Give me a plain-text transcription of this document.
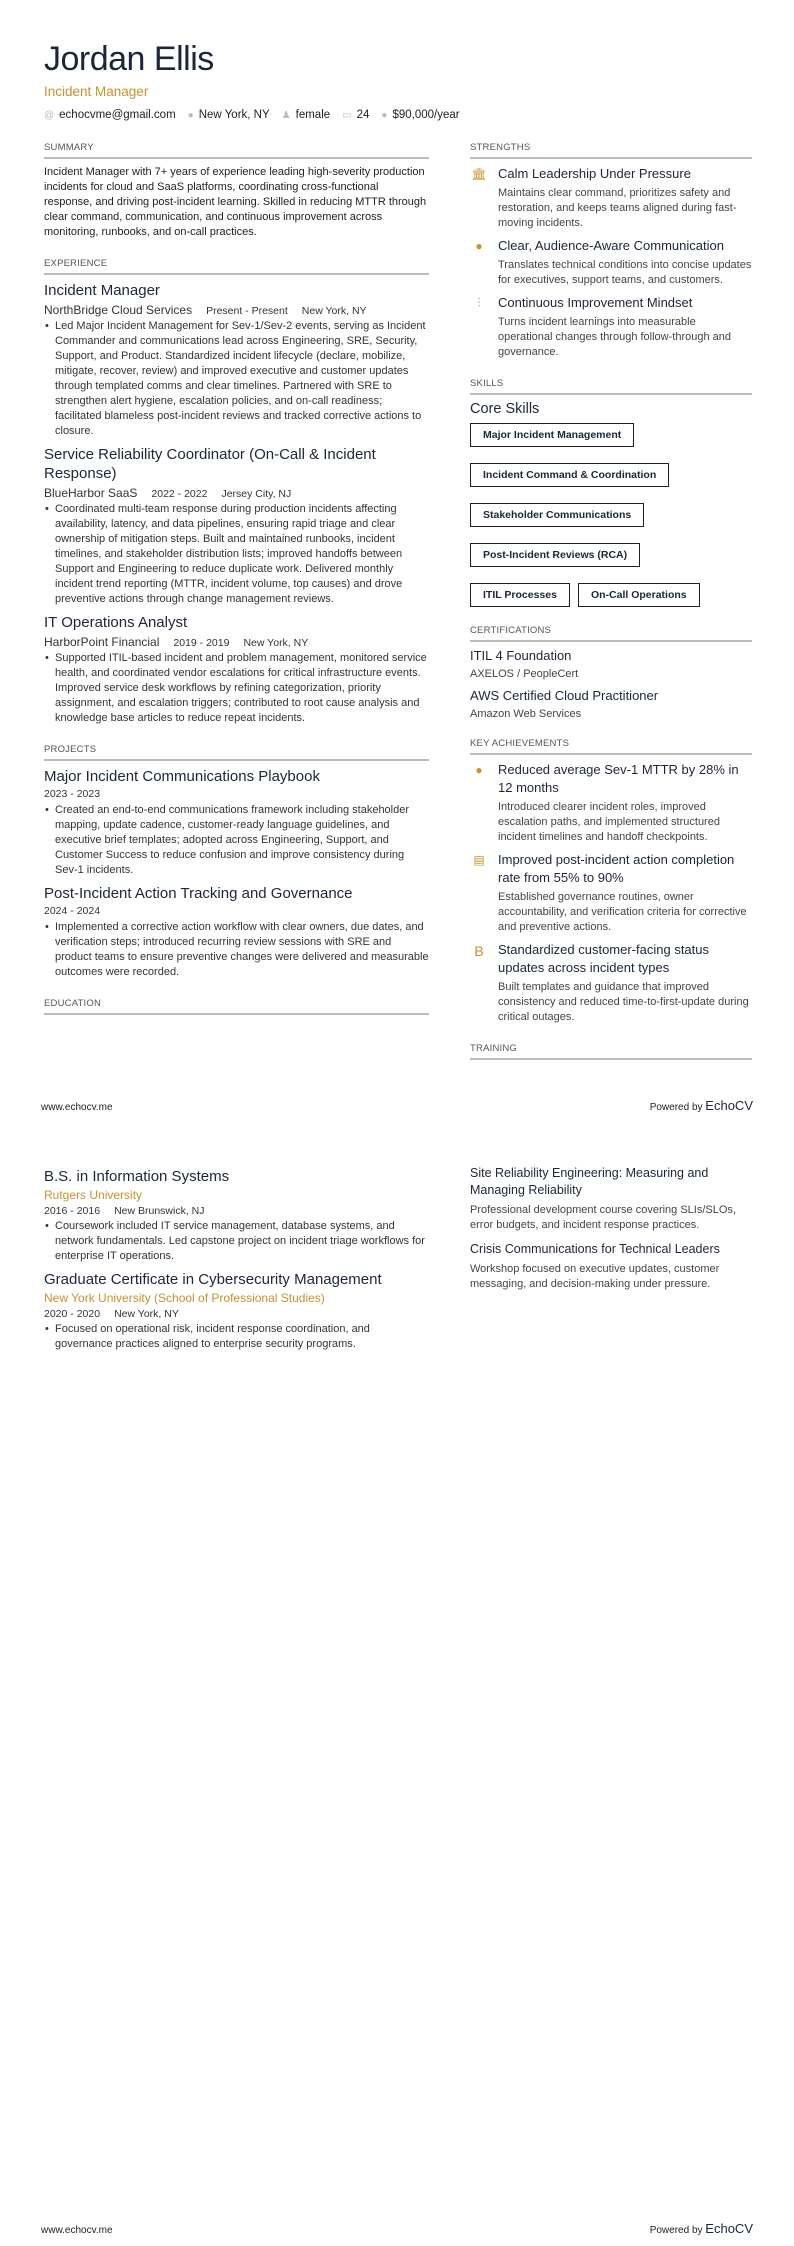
Jordan Ellis
Incident Manager
@ echocvme@gmail.com ● New York, NY ♟ female ▭ 24 ● $90,000/year
SUMMARY
Incident Manager with 7+ years of experience leading high-severity production incidents for cloud and SaaS platforms, coordinating cross-functional response, and driving post-incident learning. Skilled in reducing MTTR through clear command, communication, and continuous improvement across monitoring, runbooks, and on-call practices.
EXPERIENCE
Incident Manager
NorthBridge Cloud Services Present - Present New York, NY
• Led Major Incident Management for Sev-1/Sev-2 events, serving as Incident Commander and communications lead across Engineering, SRE, Security, Support, and Product. Standardized incident lifecycle (declare, mobilize, mitigate, recover, review) and improved executive and customer updates through templated comms and clear timelines. Partnered with SRE to strengthen alert hygiene, escalation policies, and on-call readiness; facilitated blameless post-incident reviews and tracked corrective actions to closure.
Service Reliability Coordinator (On-Call & Incident Response)
BlueHarbor SaaS 2022 - 2022 Jersey City, NJ
• Coordinated multi-team response during production incidents affecting availability, latency, and data pipelines, ensuring rapid triage and clear ownership of mitigation steps. Built and maintained runbooks, incident timelines, and stakeholder distribution lists; improved handoffs between Support and Engineering to reduce duplicate work. Delivered monthly incident trend reporting (MTTR, incident volume, top causes) and drove preventive actions through change management reviews.
IT Operations Analyst
HarborPoint Financial 2019 - 2019 New York, NY
• Supported ITIL-based incident and problem management, monitored service health, and coordinated vendor escalations for critical infrastructure events. Improved service desk workflows by refining categorization, priority assignment, and escalation triggers; contributed to root cause analysis and knowledge base articles to reduce repeat incidents.
PROJECTS
Major Incident Communications Playbook
2023 - 2023
• Created an end-to-end communications framework including stakeholder mapping, update cadence, customer-ready language guidelines, and executive brief templates; adopted across Engineering, Support, and Customer Success to reduce confusion and improve consistency during Sev-1 incidents.
Post-Incident Action Tracking and Governance
2024 - 2024
• Implemented a corrective action workflow with clear owners, due dates, and verification steps; introduced recurring review sessions with SRE and product teams to ensure preventive changes were delivered and measurable outcomes were recorded.
EDUCATION
STRENGTHS
🏛 Calm Leadership Under Pressure
Maintains clear command, prioritizes safety and restoration, and keeps teams aligned during fast-moving incidents.
●	Clear, Audience-Aware Communication
Translates technical conditions into concise updates for executives, support teams, and customers.
⫶	Continuous Improvement Mindset
Turns incident learnings into measurable operational changes through follow-through and governance.
SKILLS
Core Skills
Major Incident Management
Incident Command & Coordination
Stakeholder Communications
Post-Incident Reviews (RCA)
ITIL Processes	On-Call Operations
CERTIFICATIONS
ITIL 4 Foundation
AXELOS / PeopleCert
AWS Certified Cloud Practitioner
Amazon Web Services
KEY ACHIEVEMENTS
●	Reduced average Sev-1 MTTR by 28% in 12 months
Introduced clearer incident roles, improved escalation paths, and implemented structured incident timelines and handoff checkpoints.
▤ Improved post-incident action completion rate from 55% to 90%
Established governance routines, owner accountability, and verification criteria for corrective and preventive actions.
B	Standardized customer-facing status updates across incident types
Built templates and guidance that improved consistency and reduced time-to-first-update during critical outages.
TRAINING
www.echocv.me	Powered by EchoCV
B.S. in Information Systems
Rutgers University
2016 - 2016 New Brunswick, NJ
• Coursework included IT service management, database systems, and network fundamentals. Led capstone project on incident triage workflows for enterprise IT operations.
Graduate Certificate in Cybersecurity Management
New York University (School of Professional Studies)
2020 - 2020 New York, NY
• Focused on operational risk, incident response coordination, and governance practices aligned to enterprise security programs.
Site Reliability Engineering: Measuring and Managing Reliability
Professional development course covering SLIs/SLOs, error budgets, and incident response practices.
Crisis Communications for Technical Leaders
Workshop focused on executive updates, customer messaging, and decision-making under pressure.
www.echocv.me	Powered by EchoCV
